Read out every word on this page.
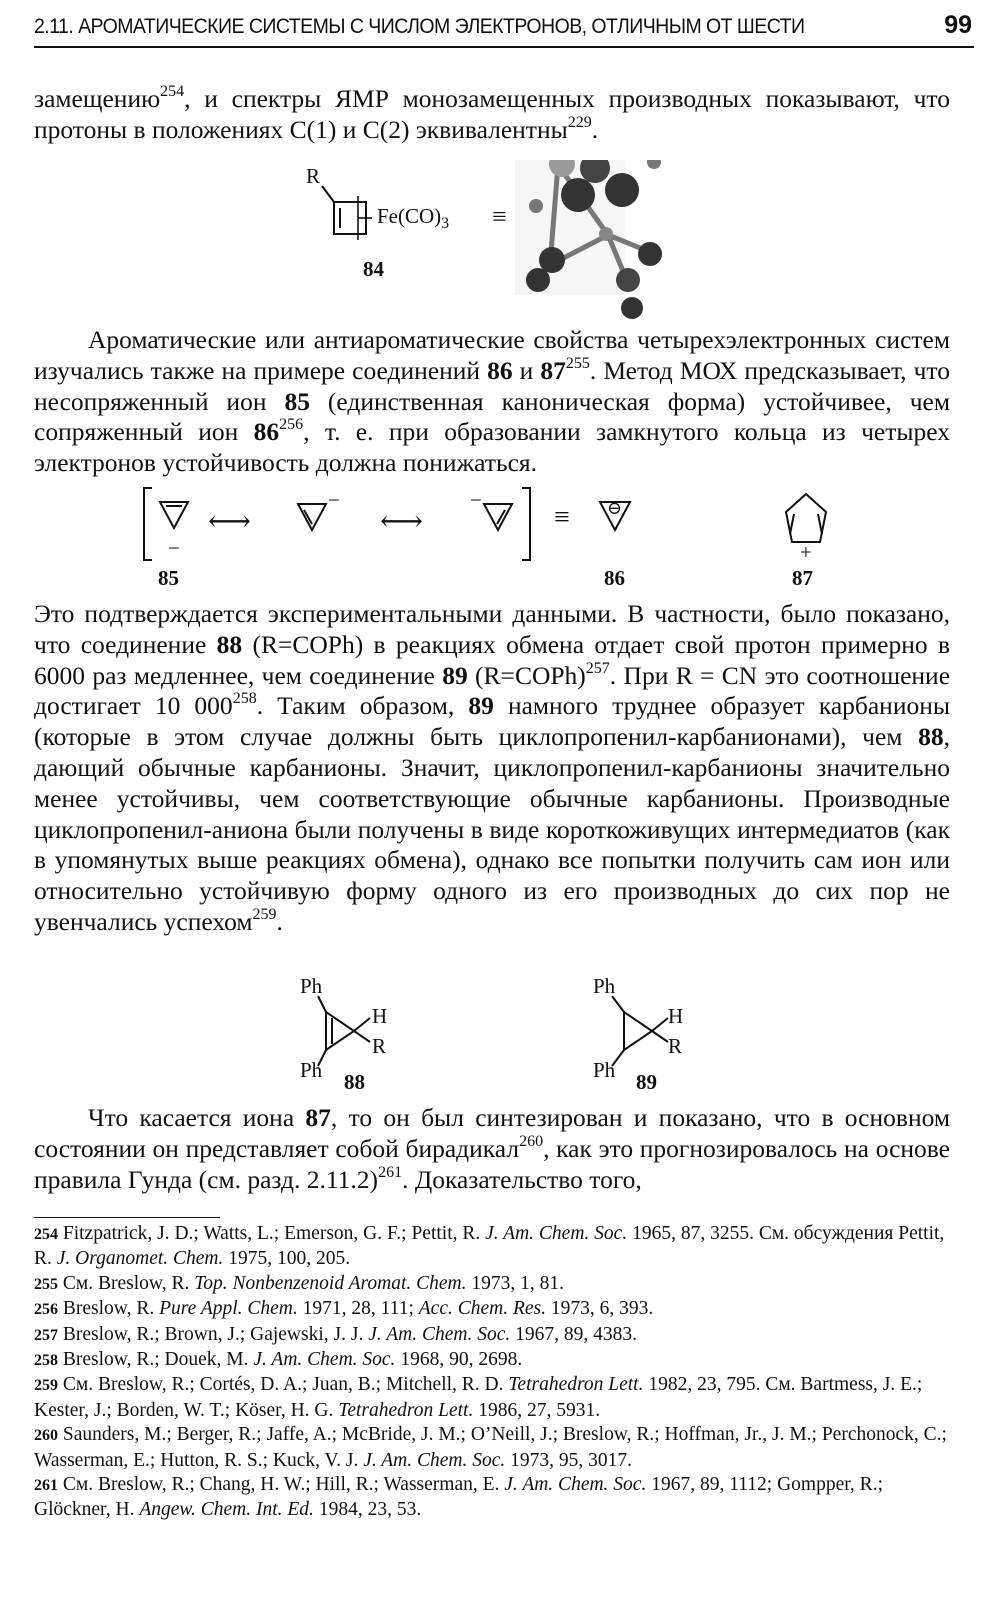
2.11. АРОМАТИЧЕСКИЕ СИСТЕМЫ С ЧИСЛОМ ЭЛЕКТРОНОВ, ОТЛИЧНЫМ ОТ ШЕСТИ	99
замещению$^{254}$, и спектры ЯМР монозамещенных производных показывают, что протоны в положениях С(1) и С(2) эквивалентны$^{229}$.
R
$Fe(CO)_3$ ≡
84
Ароматические или антиароматические свойства четырехэлектронных систем изучались также на примере соединений 86 и $87^{255}$. Метод МОХ предсказывает, что несопряженный ион 85 (единственная каноническая форма) устойчивее, чем сопряженный ион $86^{256}$, т. е. при образовании замкнутого кольца из четырех электронов устойчивость должна понижаться.
−
⟷
−
⟷
−
≡ ⊖
+
85	86	87
Это подтверждается экспериментальными данными. В частности, было показано, что соединение 88 (R=COPh) в реакциях обмена отдает свой протон примерно в 6000 раз медленнее, чем соединение 89 (R=COPh)$^{257}$. При R = CN это соотношение достигает 10 $000^{258}$. Таким образом, 89 намного труднее образует карбанионы (которые в этом случае должны быть циклопропенил-карбанионами), чем 88, дающий обычные карбанионы. Значит, циклопропенил-карбанионы значительно менее устойчивы, чем соответствующие обычные карбанионы. Производные циклопропенил-аниона были получены в виде короткоживущих интермедиатов (как в упомянутых выше реакциях обмена), однако все попытки получить сам ион или относительно устойчивую форму одного из его производных до сих пор не увенчались успехом$^{259}$.
Ph
H
R
Ph 88
Ph
H
R
Ph 89
Что касается иона 87, то он был синтезирован и показано, что в основном состоянии он представляет собой бирадикал$^{260}$, как это прогнозировалось на основе правила Гунда (см. разд. 2.11.2)$^{261}$. Доказательство того,

254 Fitzpatrick, J. D.; Watts, L.; Emerson, G. F.; Pettit, R. J. Am. Chem. Soc. 1965, 87, 3255. См. обсуждения Pettit, R. J. Organomet. Chem. 1975, 100, 205.

255 См. Breslow, R. Top. Nonbenzenoid Aromat. Chem. 1973, 1, 81.

256 Breslow, R. Pure Appl. Chem. 1971, 28, 111; Acc. Chem. Res. 1973, 6, 393.

257 Breslow, R.; Brown, J.; Gajewski, J. J. J. Am. Chem. Soc. 1967, 89, 4383.

258 Breslow, R.; Douek, M. J. Am. Chem. Soc. 1968, 90, 2698.

259 См. Breslow, R.; Cortés, D. A.; Juan, B.; Mitchell, R. D. Tetrahedron Lett. 1982, 23, 795. См. Bartmess, J. E.; Kester, J.; Borden, W. T.; Köser, H. G. Tetrahedron Lett. 1986, 27, 5931.

260 Saunders, M.; Berger, R.; Jaffe, A.; McBride, J. M.; O’Neill, J.; Breslow, R.; Hoffman, Jr., J. M.; Perchonock, C.; Wasserman, E.; Hutton, R. S.; Kuck, V. J. J. Am. Chem. Soc. 1973, 95, 3017.

261 См. Breslow, R.; Chang, H. W.; Hill, R.; Wasserman, E. J. Am. Chem. Soc. 1967, 89, 1112; Gompper, R.; Glöckner, H. Angew. Chem. Int. Ed. 1984, 23, 53.
